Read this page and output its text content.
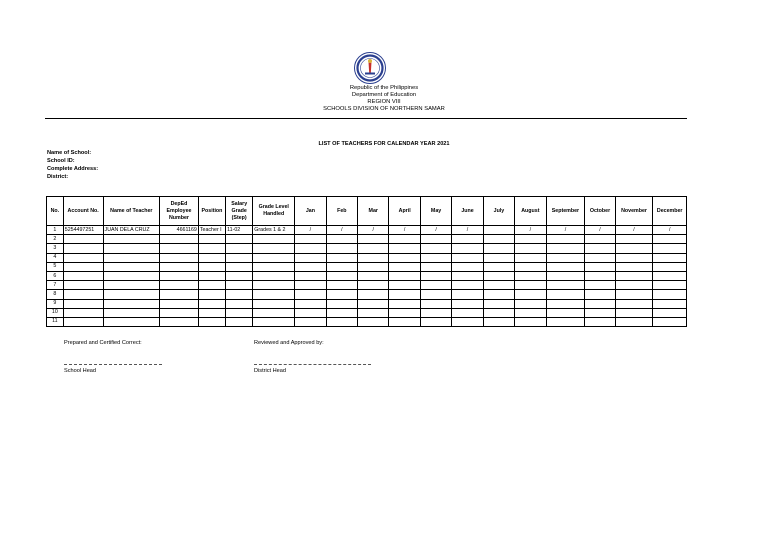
Republic of the Philippines
Department of Education
REGION VIII
SCHOOLS DIVISION OF NORTHERN SAMAR
LIST OF TEACHERS FOR CALENDAR YEAR 2021
Name of School:
School ID:
Complete Address:
District:
No.	Account No.	Name of Teacher	DepEd Employee Number	Position	Salary Grade (Step)	Grade Level Handled	Jan	Feb	Mar	April	May	June	July	August	September	October	November	December
1	5254497251	JUAN DELA CRUZ	4661169	Teacher I	11-02	Grades 1 & 2	/	/	/	/	/	/		/	/	/	/	/
2																		
3																		
4																		
5																		
6																		
7																		
8																		
9																		
10																		
11																		
Prepared and Certified Correct:
School Head
Reviewed and Approved by:
District Head
